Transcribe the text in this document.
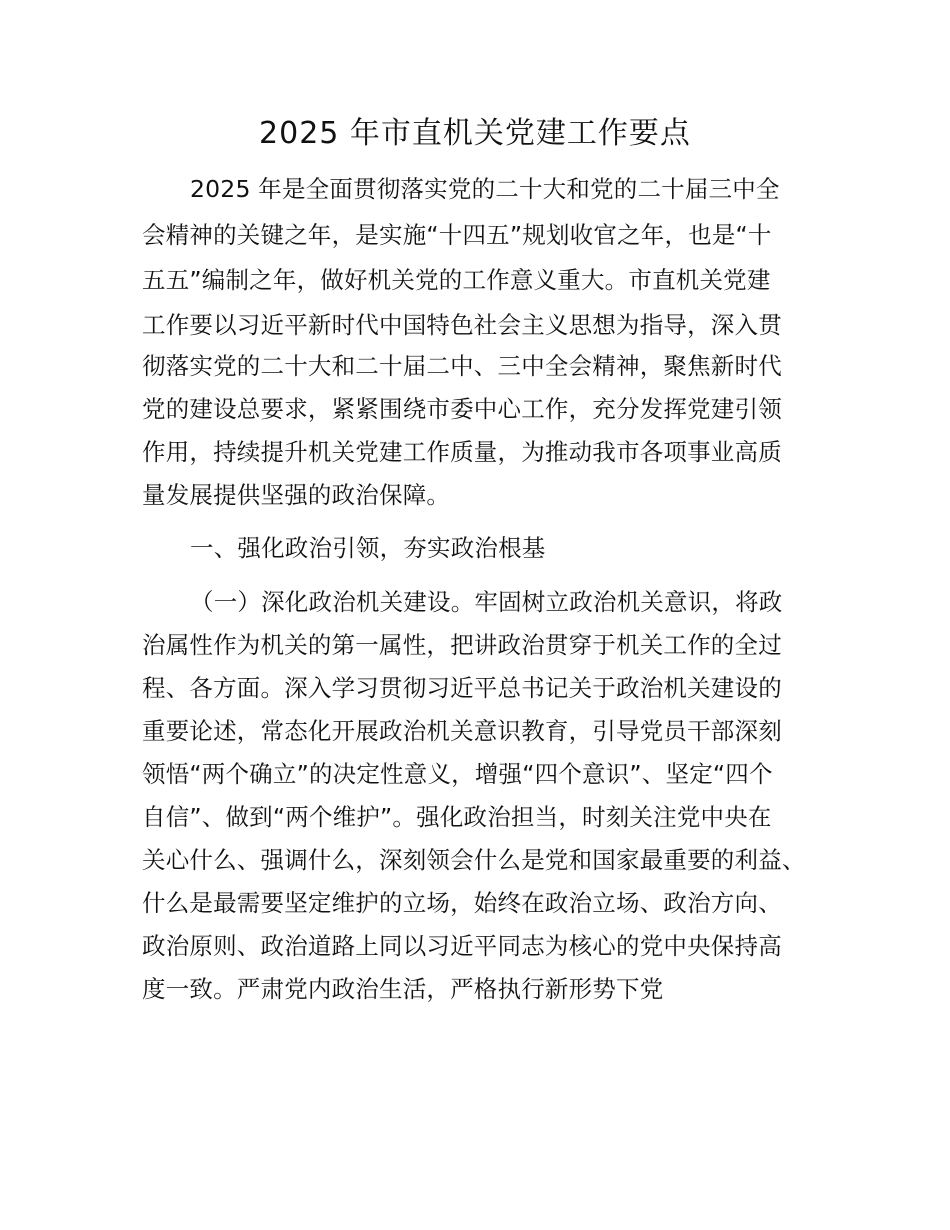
2025 年市直机关党建工作要点
2025 年是全面贯彻落实党的二十大和党的二十届三中全
会精神的关键之年，是实施“十四五”规划收官之年，也是“十
五五”编制之年，做好机关党的工作意义重大。市直机关党建
工作要以习近平新时代中国特色社会主义思想为指导，深入贯
彻落实党的二十大和二十届二中、三中全会精神，聚焦新时代
党的建设总要求，紧紧围绕市委中心工作，充分发挥党建引领
作用，持续提升机关党建工作质量，为推动我市各项事业高质
量发展提供坚强的政治保障。
一、强化政治引领，夯实政治根基
（一）深化政治机关建设。牢固树立政治机关意识，将政
治属性作为机关的第一属性，把讲政治贯穿于机关工作的全过
程、各方面。深入学习贯彻习近平总书记关于政治机关建设的
重要论述，常态化开展政治机关意识教育，引导党员干部深刻
领悟“两个确立”的决定性意义，增强“四个意识”、坚定“四个
自信”、做到“两个维护”。强化政治担当，时刻关注党中央在
关心什么、强调什么，深刻领会什么是党和国家最重要的利益、
什么是最需要坚定维护的立场，始终在政治立场、政治方向、
政治原则、政治道路上同以习近平同志为核心的党中央保持高
度一致。严肃党内政治生活，严格执行新形势下党
